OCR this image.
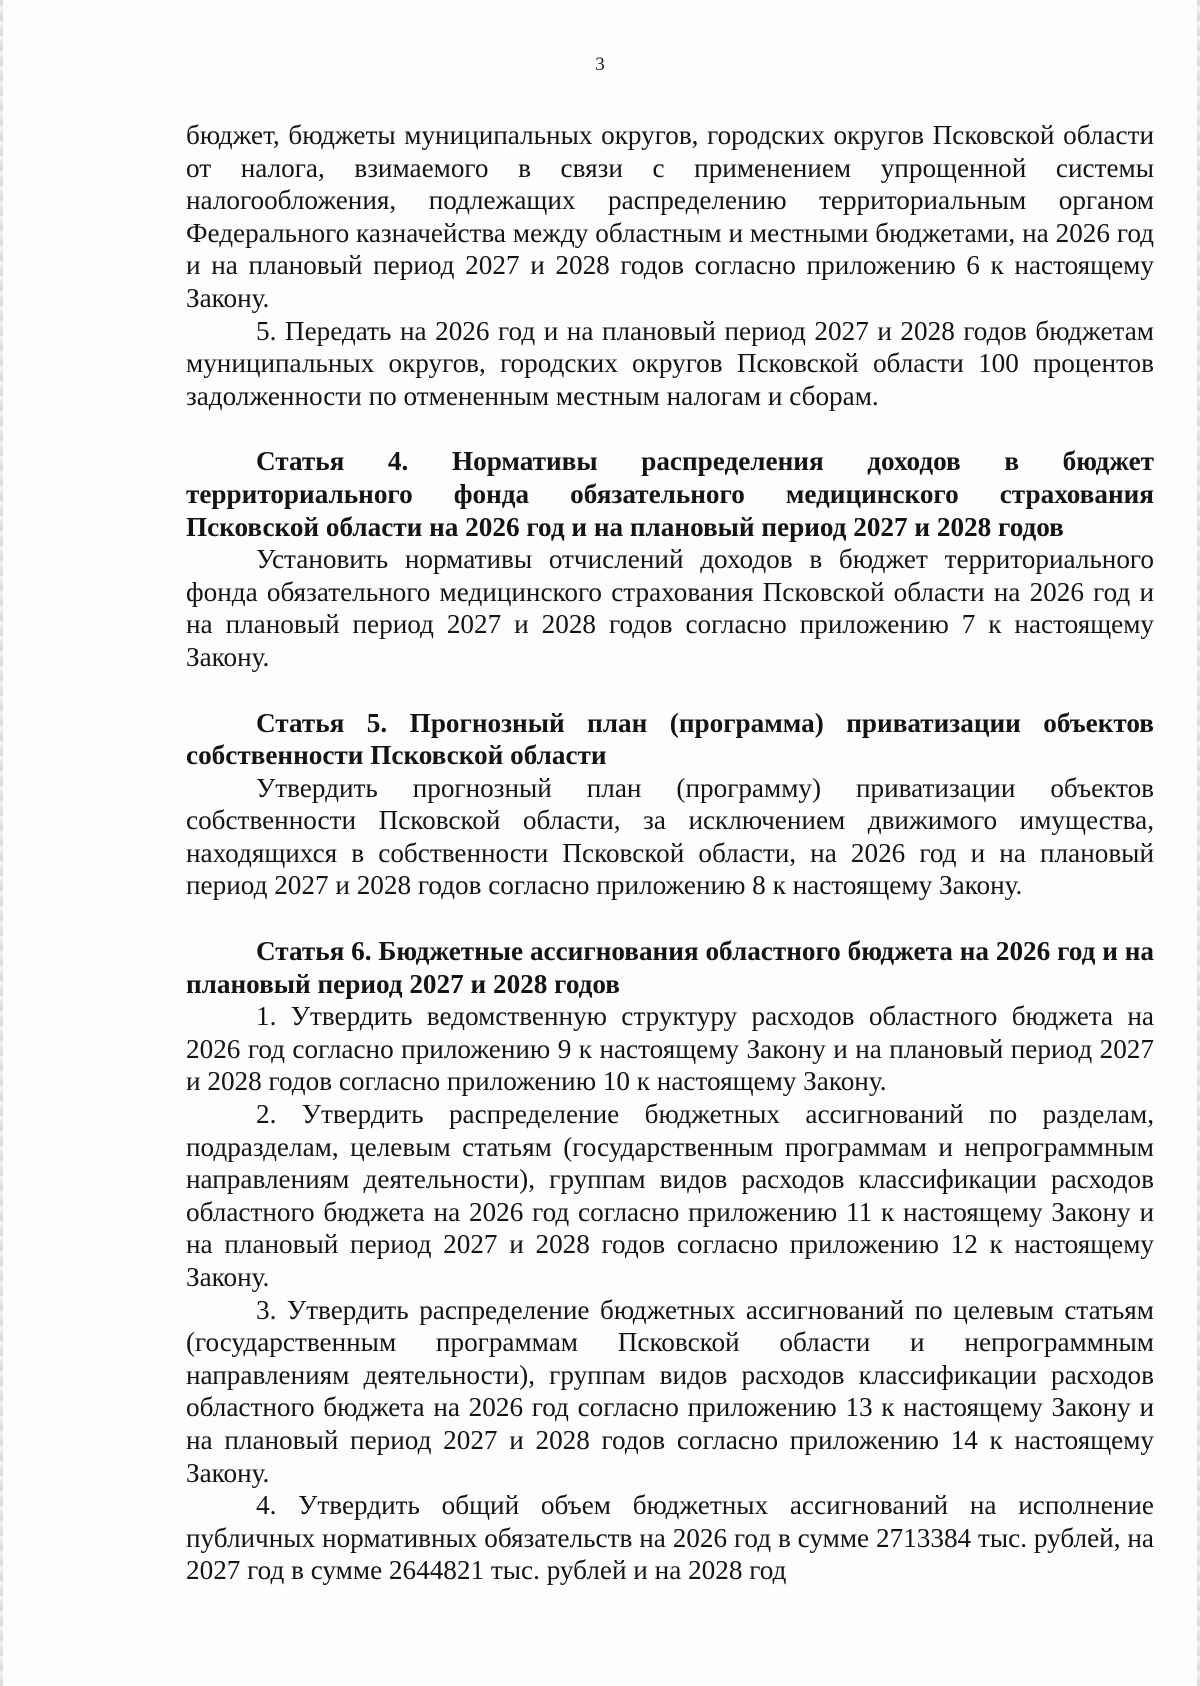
3

бюджет, бюджеты муниципальных округов, городских округов Псковской области от налога, взимаемого в связи с применением упрощенной системы налогообложения, подлежащих распределению территориальным органом Федерального казначейства между областным и местными бюджетами, на 2026 год и на плановый период 2027 и 2028 годов согласно приложению 6 к настоящему Закону.

5. Передать на 2026 год и на плановый период 2027 и 2028 годов бюджетам муниципальных округов, городских округов Псковской области 100 процентов задолженности по отмененным местным налогам и сборам.

Статья 4. Нормативы распределения доходов в бюджет территориального фонда обязательного медицинского страхования Псковской области на 2026 год и на плановый период 2027 и 2028 годов

Установить нормативы отчислений доходов в бюджет территориального фонда обязательного медицинского страхования Псковской области на 2026 год и на плановый период 2027 и 2028 годов согласно приложению 7 к настоящему Закону.

Статья 5. Прогнозный план (программа) приватизации объектов собственности Псковской области

Утвердить прогнозный план (программу) приватизации объектов собственности Псковской области, за исключением движимого имущества, находящихся в собственности Псковской области, на 2026 год и на плановый период 2027 и 2028 годов согласно приложению 8 к настоящему Закону.

Статья 6. Бюджетные ассигнования областного бюджета на 2026 год и на плановый период 2027 и 2028 годов

1. Утвердить ведомственную структуру расходов областного бюджета на 2026 год согласно приложению 9 к настоящему Закону и на плановый период 2027 и 2028 годов согласно приложению 10 к настоящему Закону.

2. Утвердить распределение бюджетных ассигнований по разделам, подразделам, целевым статьям (государственным программам и непрограммным направлениям деятельности), группам видов расходов классификации расходов областного бюджета на 2026 год согласно приложению 11 к настоящему Закону и на плановый период 2027 и 2028 годов согласно приложению 12 к настоящему Закону.

3. Утвердить распределение бюджетных ассигнований по целевым статьям (государственным программам Псковской области и непрограммным направлениям деятельности), группам видов расходов классификации расходов областного бюджета на 2026 год согласно приложению 13 к настоящему Закону и на плановый период 2027 и 2028 годов согласно приложению 14 к настоящему Закону.

4. Утвердить общий объем бюджетных ассигнований на исполнение публичных нормативных обязательств на 2026 год в сумме 2713384 тыс. рублей, на 2027 год в сумме 2644821 тыс. рублей и на 2028 год
